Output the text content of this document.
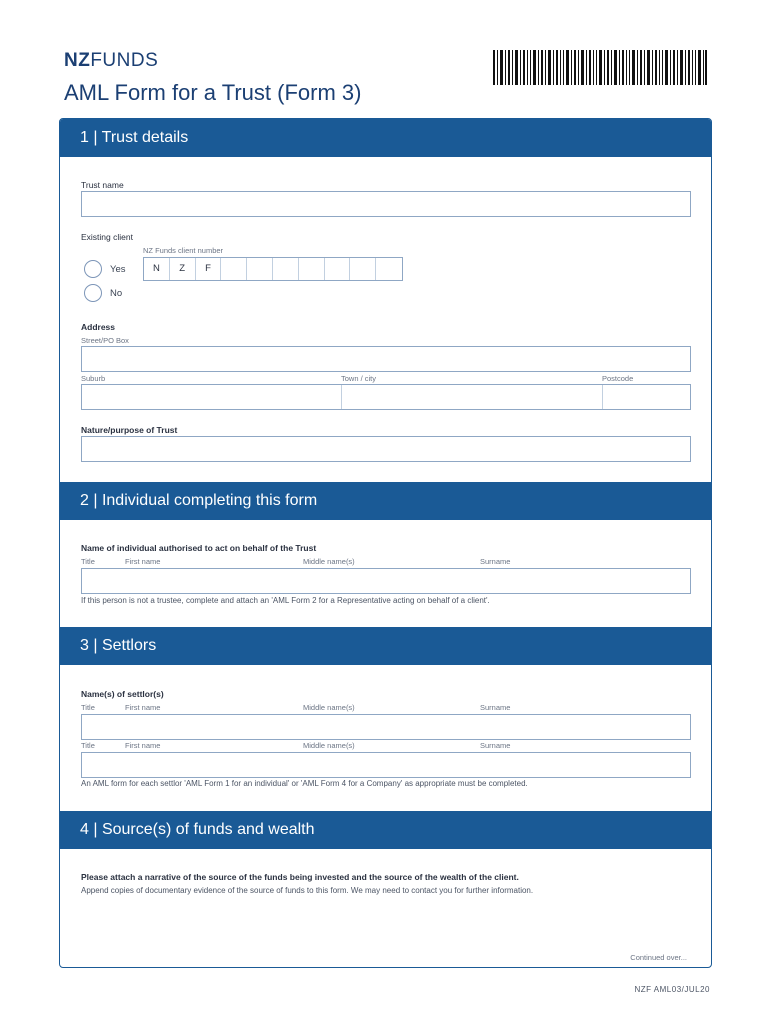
NZFUNDS
AML Form for a Trust (Form 3)
1 | Trust details
Trust name
Existing client
NZ Funds client number
Yes
No
N	Z	F
Address
Street/PO Box
Suburb	Town / city	Postcode
Nature/purpose of Trust
2 | Individual completing this form
Name of individual authorised to act on behalf of the Trust
Title	First name	Middle name(s)	Surname
If this person is not a trustee, complete and attach an 'AML Form 2 for a Representative acting on behalf of a client'.
3 | Settlors
Name(s) of settlor(s)
Title	First name	Middle name(s)	Surname
Title	First name	Middle name(s)	Surname
An AML form for each settlor 'AML Form 1 for an individual' or 'AML Form 4 for a Company' as appropriate must be completed.
4 | Source(s) of funds and wealth
Please attach a narrative of the source of the funds being invested and the source of the wealth of the client.
Append copies of documentary evidence of the source of funds to this form. We may need to contact you for further information.
Continued over...
NZF AML03/JUL20
